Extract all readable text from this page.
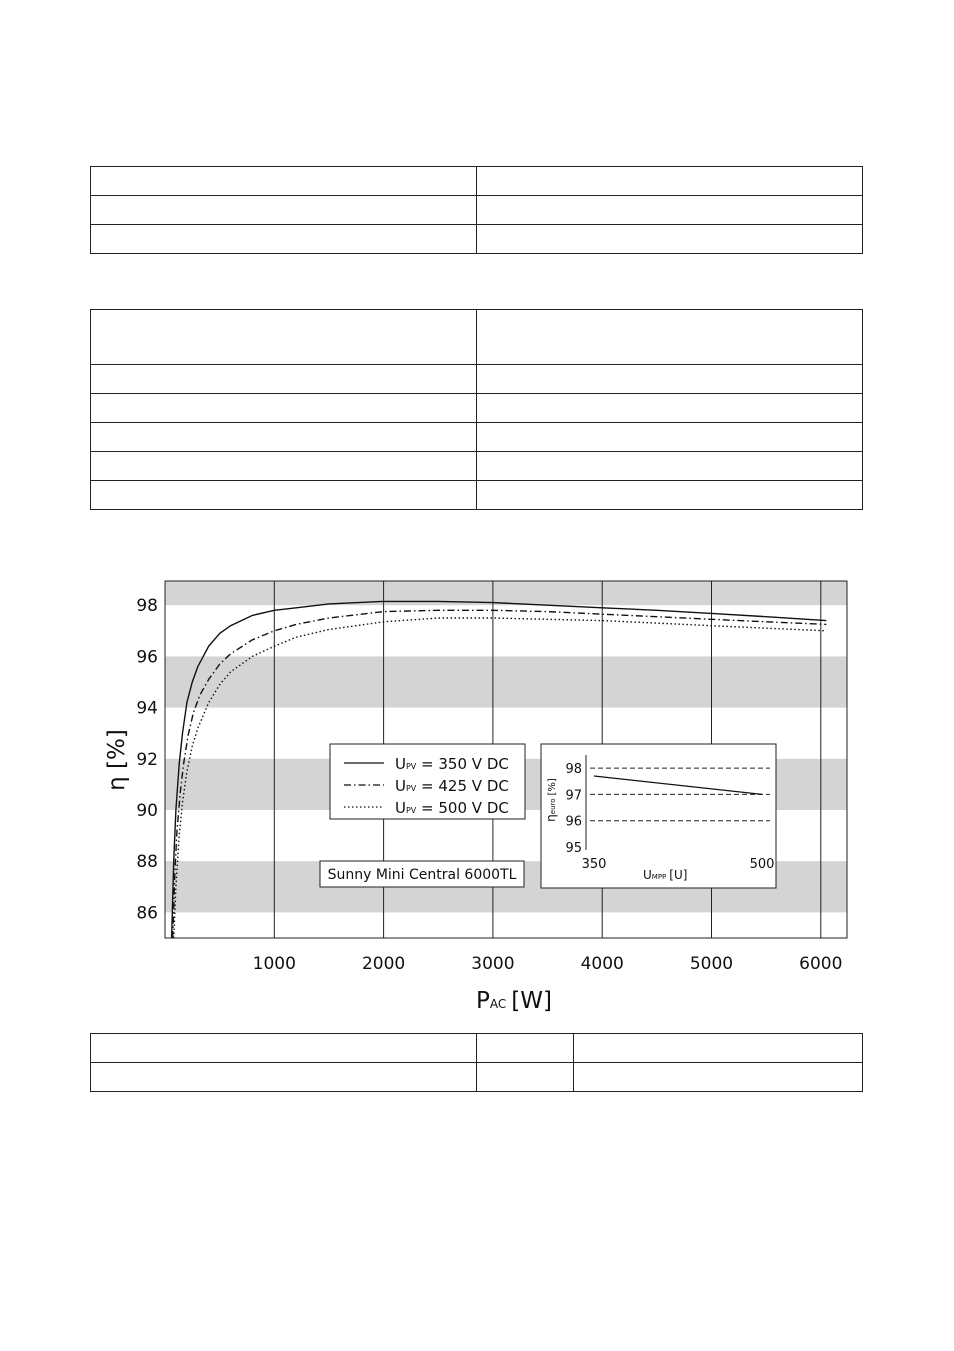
86
88
90
92
94
96
98
1000	2000	3000	4000	5000	6000
η [%]
PAC [W]
UPV = 350 V DC
UPV = 425 V DC
UPV = 500 V DC
Sunny Mini Central 6000TL
95
96
97
98
350	500
ηeuro[%]
UMPP [U]
